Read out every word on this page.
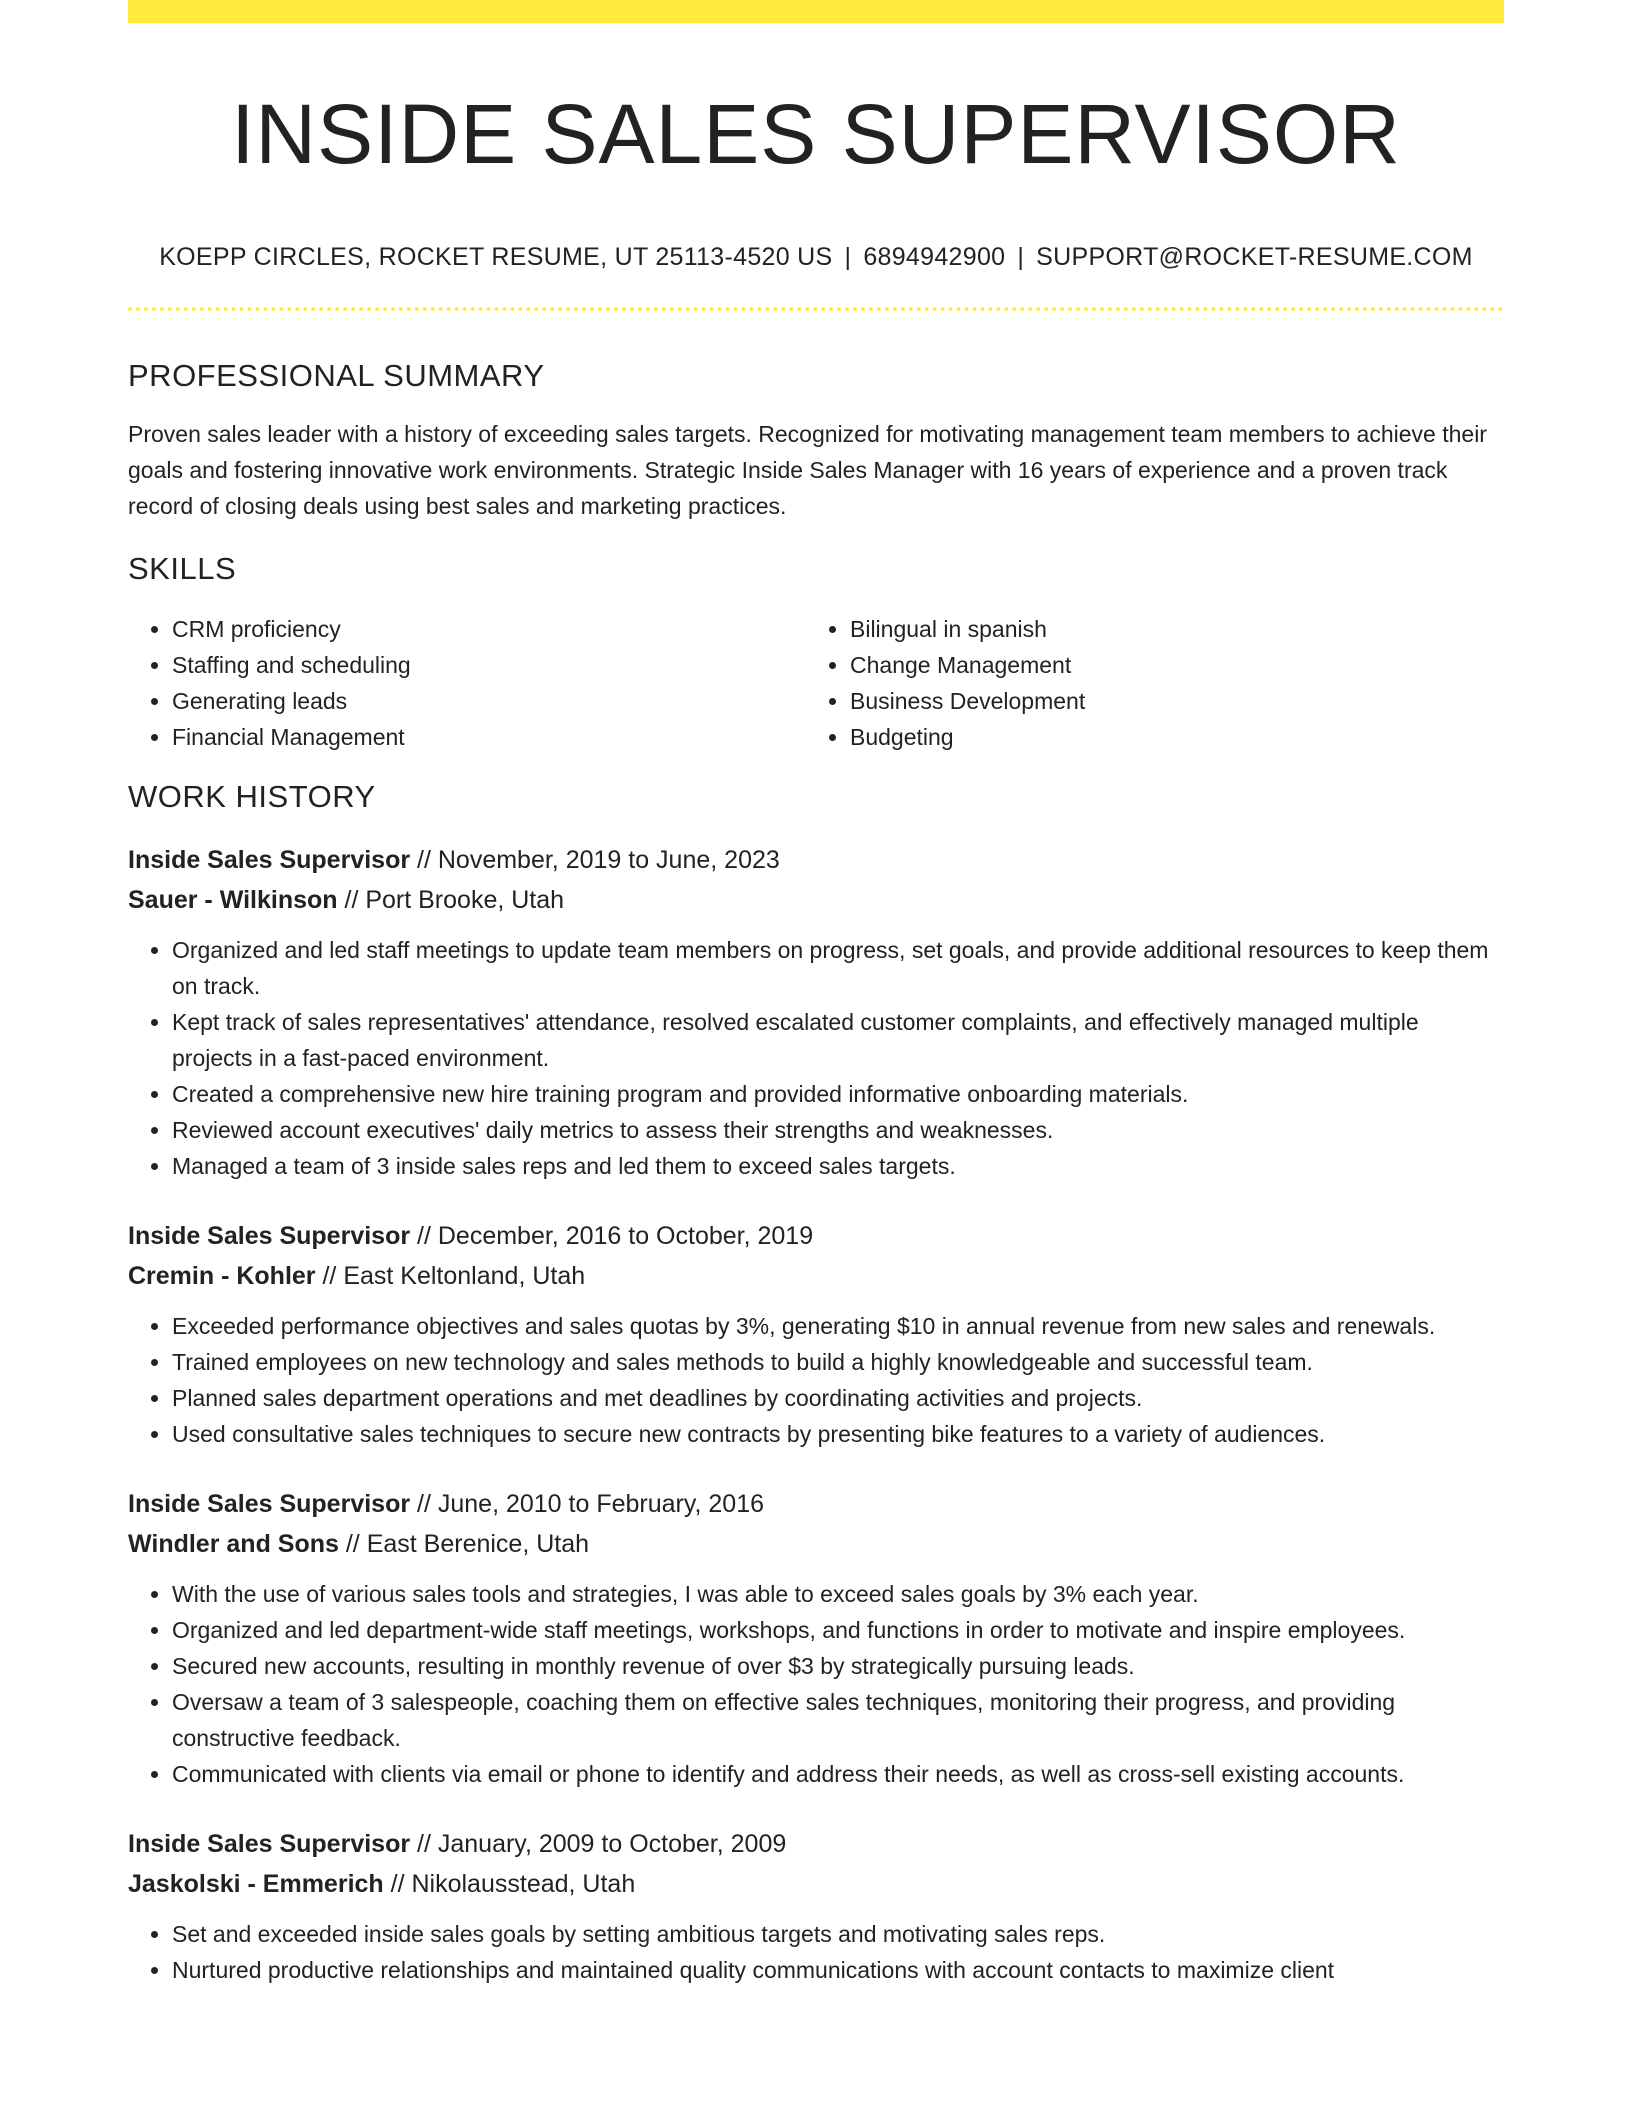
INSIDE SALES SUPERVISOR
KOEPP CIRCLES, ROCKET RESUME, UT 25113-4520 US | 6894942900 | SUPPORT@ROCKET-RESUME.COM
PROFESSIONAL SUMMARY

Proven sales leader with a history of exceeding sales targets. Recognized for motivating management team members to achieve their goals and fostering innovative work environments. Strategic Inside Sales Manager with 16 years of experience and a proven track record of closing deals using best sales and marketing practices.

SKILLS
• CRM proficiency
• Staffing and scheduling
• Generating leads
• Financial Management
• Bilingual in spanish
• Change Management
• Business Development
• Budgeting
WORK HISTORY
Inside Sales Supervisor // November, 2019 to June, 2023
Sauer - Wilkinson // Port Brooke, Utah
• Organized and led staff meetings to update team members on progress, set goals, and provide additional resources to keep them on track.
• Kept track of sales representatives' attendance, resolved escalated customer complaints, and effectively managed multiple projects in a fast-paced environment.
• Created a comprehensive new hire training program and provided informative onboarding materials.
• Reviewed account executives' daily metrics to assess their strengths and weaknesses.
• Managed a team of 3 inside sales reps and led them to exceed sales targets.
Inside Sales Supervisor // December, 2016 to October, 2019
Cremin - Kohler // East Keltonland, Utah
• Exceeded performance objectives and sales quotas by 3%, generating $10 in annual revenue from new sales and renewals.
• Trained employees on new technology and sales methods to build a highly knowledgeable and successful team.
• Planned sales department operations and met deadlines by coordinating activities and projects.
• Used consultative sales techniques to secure new contracts by presenting bike features to a variety of audiences.
Inside Sales Supervisor // June, 2010 to February, 2016
Windler and Sons // East Berenice, Utah
• With the use of various sales tools and strategies, I was able to exceed sales goals by 3% each year.
• Organized and led department-wide staff meetings, workshops, and functions in order to motivate and inspire employees.
• Secured new accounts, resulting in monthly revenue of over $3 by strategically pursuing leads.
• Oversaw a team of 3 salespeople, coaching them on effective sales techniques, monitoring their progress, and providing constructive feedback.
• Communicated with clients via email or phone to identify and address their needs, as well as cross-sell existing accounts.
Inside Sales Supervisor // January, 2009 to October, 2009
Jaskolski - Emmerich // Nikolausstead, Utah
• Set and exceeded inside sales goals by setting ambitious targets and motivating sales reps.
• Nurtured productive relationships and maintained quality communications with account contacts to maximize client
